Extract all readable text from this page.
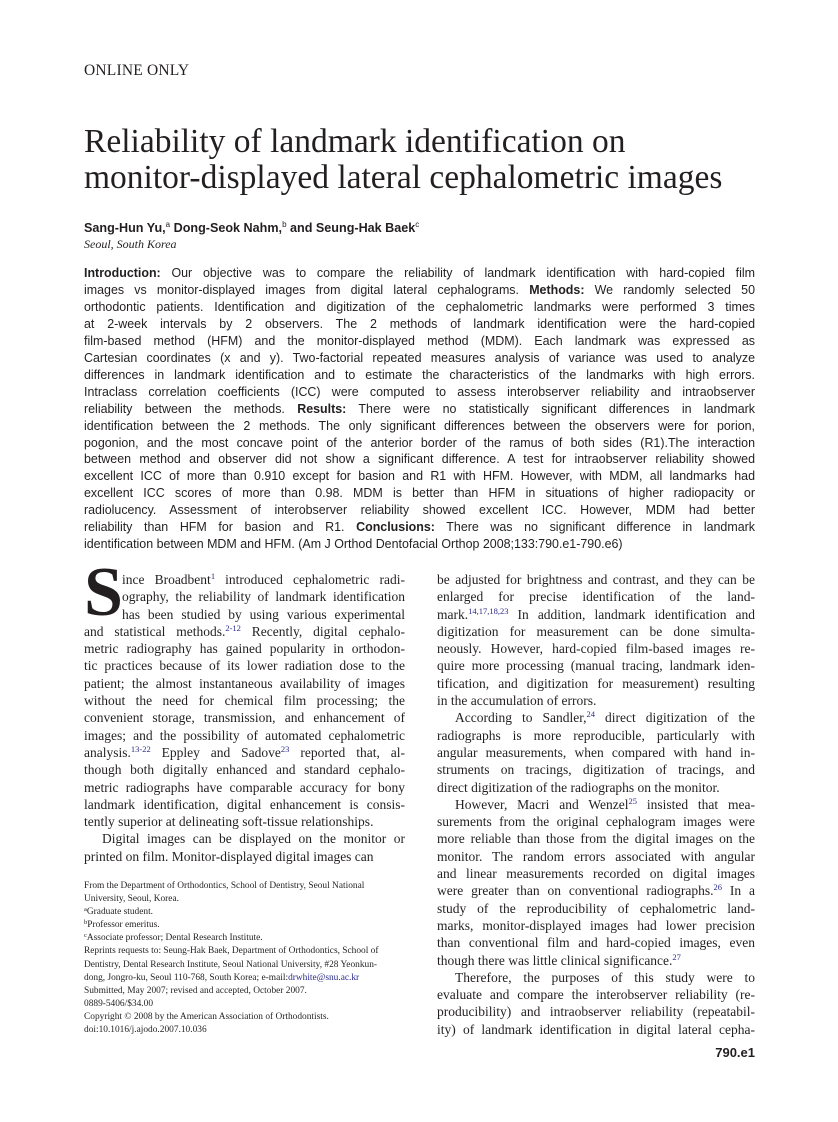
ONLINE ONLY
Reliability of landmark identification on
monitor-displayed lateral cephalometric images
Sang-Hun Yu,$^a$ Dong-Seok Nahm,$^b$ and Seung-Hak Baek$^c$
Seoul, South Korea
Introduction: Our objective was to compare the reliability of landmark identification with hard-copied film
images vs monitor-displayed images from digital lateral cephalograms. Methods: We randomly selected 50
orthodontic patients. Identification and digitization of the cephalometric landmarks were performed 3 times
at 2-week intervals by 2 observers. The 2 methods of landmark identification were the hard-copied
film-based method (HFM) and the monitor-displayed method (MDM). Each landmark was expressed as
Cartesian coordinates (x and y). Two-factorial repeated measures analysis of variance was used to analyze
differences in landmark identification and to estimate the characteristics of the landmarks with high errors.
Intraclass correlation coefficients (ICC) were computed to assess interobserver reliability and intraobserver
reliability between the methods. Results: There were no statistically significant differences in landmark
identification between the 2 methods. The only significant differences between the observers were for porion,
pogonion, and the most concave point of the anterior border of the ramus of both sides (R1).The interaction
between method and observer did not show a significant difference. A test for intraobserver reliability showed
excellent ICC of more than 0.910 except for basion and R1 with HFM. However, with MDM, all landmarks had
excellent ICC scores of more than 0.98. MDM is better than HFM in situations of higher radiopacity or
radiolucency. Assessment of interobserver reliability showed excellent ICC. However, MDM had better
reliability than HFM for basion and R1. Conclusions: There was no significant difference in landmark
identification between MDM and HFM. (Am J Orthod Dentofacial Orthop 2008;133:790.e1-790.e6)
S ince Broadbent$^1$ introduced cephalometric radi-
ography, the reliability of landmark identification
has been studied by using various experimental
and statistical methods.$^{2-12}$ Recently, digital cephalo-
metric radiography has gained popularity in orthodon-
tic practices because of its lower radiation dose to the
patient; the almost instantaneous availability of images
without the need for chemical film processing; the
convenient storage, transmission, and enhancement of
images; and the possibility of automated cephalometric
analysis.$^{13-22}$ Eppley and Sadove$^{23}$ reported that, al-
though both digitally enhanced and standard cephalo-
metric radiographs have comparable accuracy for bony
landmark identification, digital enhancement is consis-
tently superior at delineating soft-tissue relationships.
Digital images can be displayed on the monitor or
printed on film. Monitor-displayed digital images can
be adjusted for brightness and contrast, and they can be
enlarged for precise identification of the land-
mark.$^{14,17,18,23}$ In addition, landmark identification and
digitization for measurement can be done simulta-
neously. However, hard-copied film-based images re-
quire more processing (manual tracing, landmark iden-
tification, and digitization for measurement) resulting
in the accumulation of errors.
According to Sandler,$^{24}$ direct digitization of the
radiographs is more reproducible, particularly with
angular measurements, when compared with hand in-
struments on tracings, digitization of tracings, and
direct digitization of the radiographs on the monitor.
However, Macri and Wenzel$^{25}$ insisted that mea-
surements from the original cephalogram images were
more reliable than those from the digital images on the
monitor. The random errors associated with angular
and linear measurements recorded on digital images
were greater than on conventional radiographs.$^{26}$ In a
study of the reproducibility of cephalometric land-
marks, monitor-displayed images had lower precision
than conventional film and hard-copied images, even
though there was little clinical significance.$^{27}$
Therefore, the purposes of this study were to
evaluate and compare the interobserver reliability (re-
producibility) and intraobserver reliability (repeatabil-
ity) of landmark identification in digital lateral cepha-
From the Department of Orthodontics, School of Dentistry, Seoul National
University, Seoul, Korea.
$^a$Graduate student.
$^b$Professor emeritus.
$^c$Associate professor; Dental Research Institute.
Reprints requests to: Seung-Hak Baek, Department of Orthodontics, School of
Dentistry, Dental Research Institute, Seoul National University, #28 Yeonkun-
dong, Jongro-ku, Seoul 110-768, South Korea; e-mail:drwhite@snu.ac.kr
Submitted, May 2007; revised and accepted, October 2007.
0889-5406/$34.00
Copyright © 2008 by the American Association of Orthodontists.
doi:10.1016/j.ajodo.2007.10.036
790.e1
